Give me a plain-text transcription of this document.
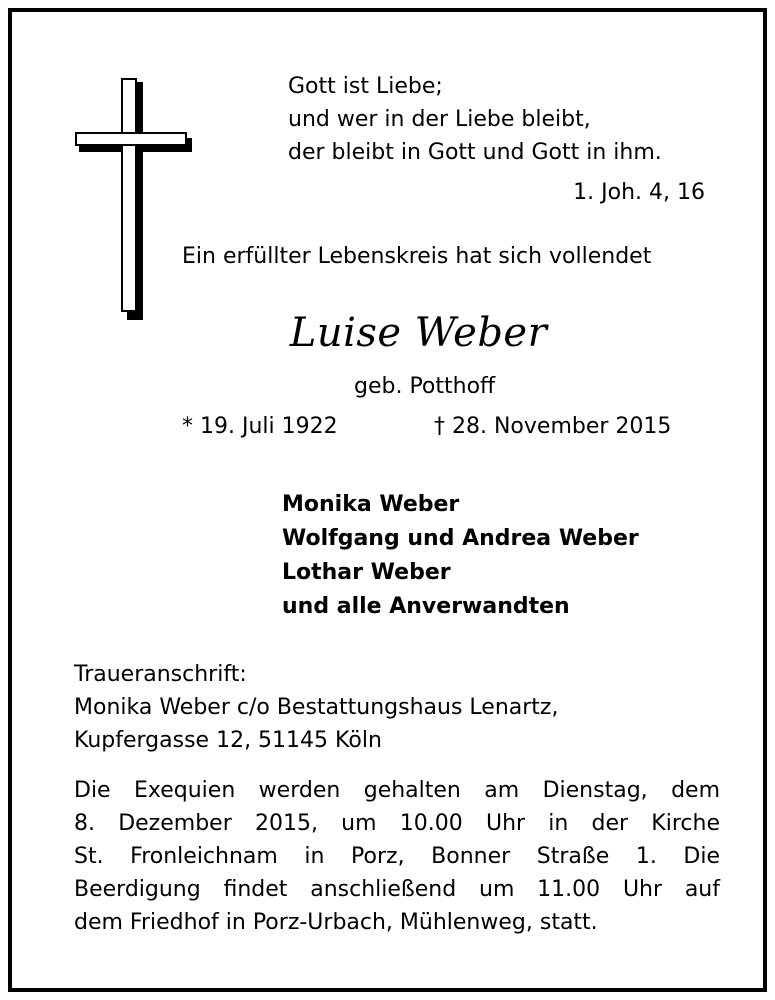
Gott ist Liebe;
und wer in der Liebe bleibt,
der bleibt in Gott und Gott in ihm.
1. Joh. 4, 16
Ein erfüllter Lebenskreis hat sich vollendet
Luise Weber
geb. Potthoff
* 19. Juli 1922	† 28. November 2015
Monika Weber
Wolfgang und Andrea Weber
Lothar Weber
und alle Anverwandten
Traueranschrift:
Monika Weber c/o Bestattungshaus Lenartz,
Kupfergasse 12, 51145 Köln
Die Exequien werden gehalten am Dienstag, dem
8. Dezember 2015, um 10.00 Uhr in der Kirche
St. Fronleichnam in Porz, Bonner Straße 1. Die
Beerdigung findet anschließend um 11.00 Uhr auf
dem Friedhof in Porz-Urbach, Mühlenweg, statt.
